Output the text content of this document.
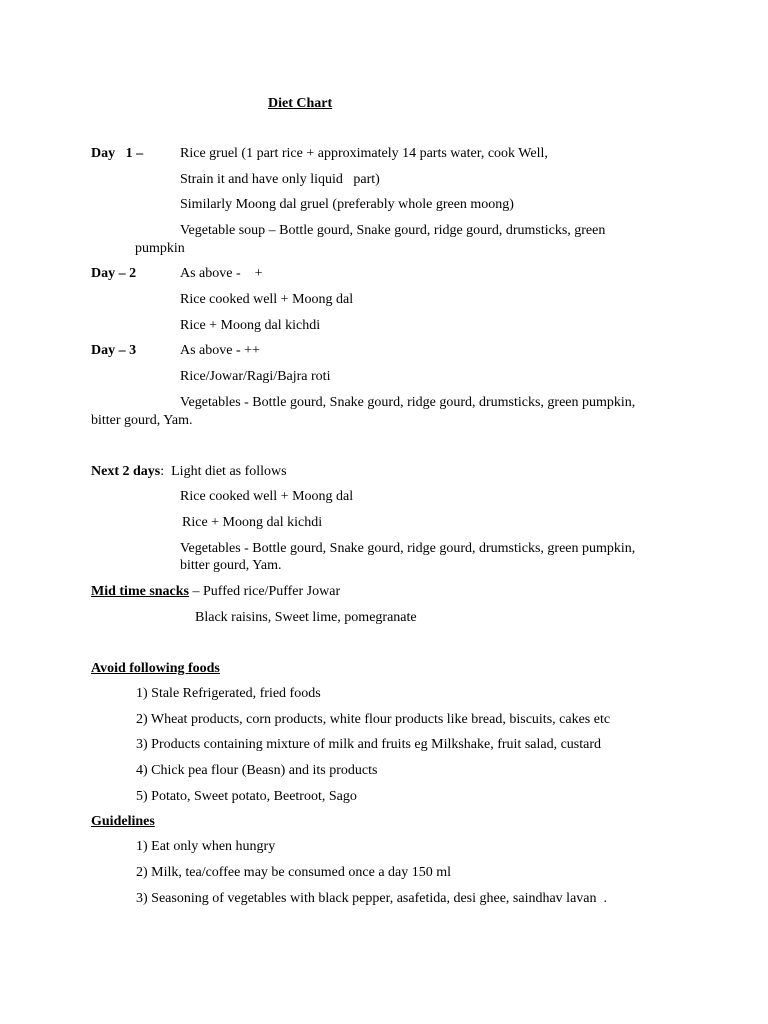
Diet Chart
Day   1 –	Rice gruel (1 part rice + approximately 14 parts water, cook Well,
Strain it and have only liquid   part)
Similarly Moong dal gruel (preferably whole green moong)
Vegetable soup – Bottle gourd, Snake gourd, ridge gourd, drumsticks, green
pumpkin
Day – 2	As above -    +
Rice cooked well + Moong dal
Rice + Moong dal kichdi
Day – 3	As above - ++
Rice/Jowar/Ragi/Bajra roti
Vegetables - Bottle gourd, Snake gourd, ridge gourd, drumsticks, green pumpkin,
bitter gourd, Yam.
Next 2 days:  Light diet as follows
Rice cooked well + Moong dal
Rice + Moong dal kichdi
Vegetables - Bottle gourd, Snake gourd, ridge gourd, drumsticks, green pumpkin,
bitter gourd, Yam.
Mid time snacks – Puffed rice/Puffer Jowar
Black raisins, Sweet lime, pomegranate
Avoid following foods
1) Stale Refrigerated, fried foods
2) Wheat products, corn products, white flour products like bread, biscuits, cakes etc
3) Products containing mixture of milk and fruits eg Milkshake, fruit salad, custard
4) Chick pea flour (Beasn) and its products
5) Potato, Sweet potato, Beetroot, Sago
Guidelines
1) Eat only when hungry
2) Milk, tea/coffee may be consumed once a day 150 ml
3) Seasoning of vegetables with black pepper, asafetida, desi ghee, saindhav lavan  .
